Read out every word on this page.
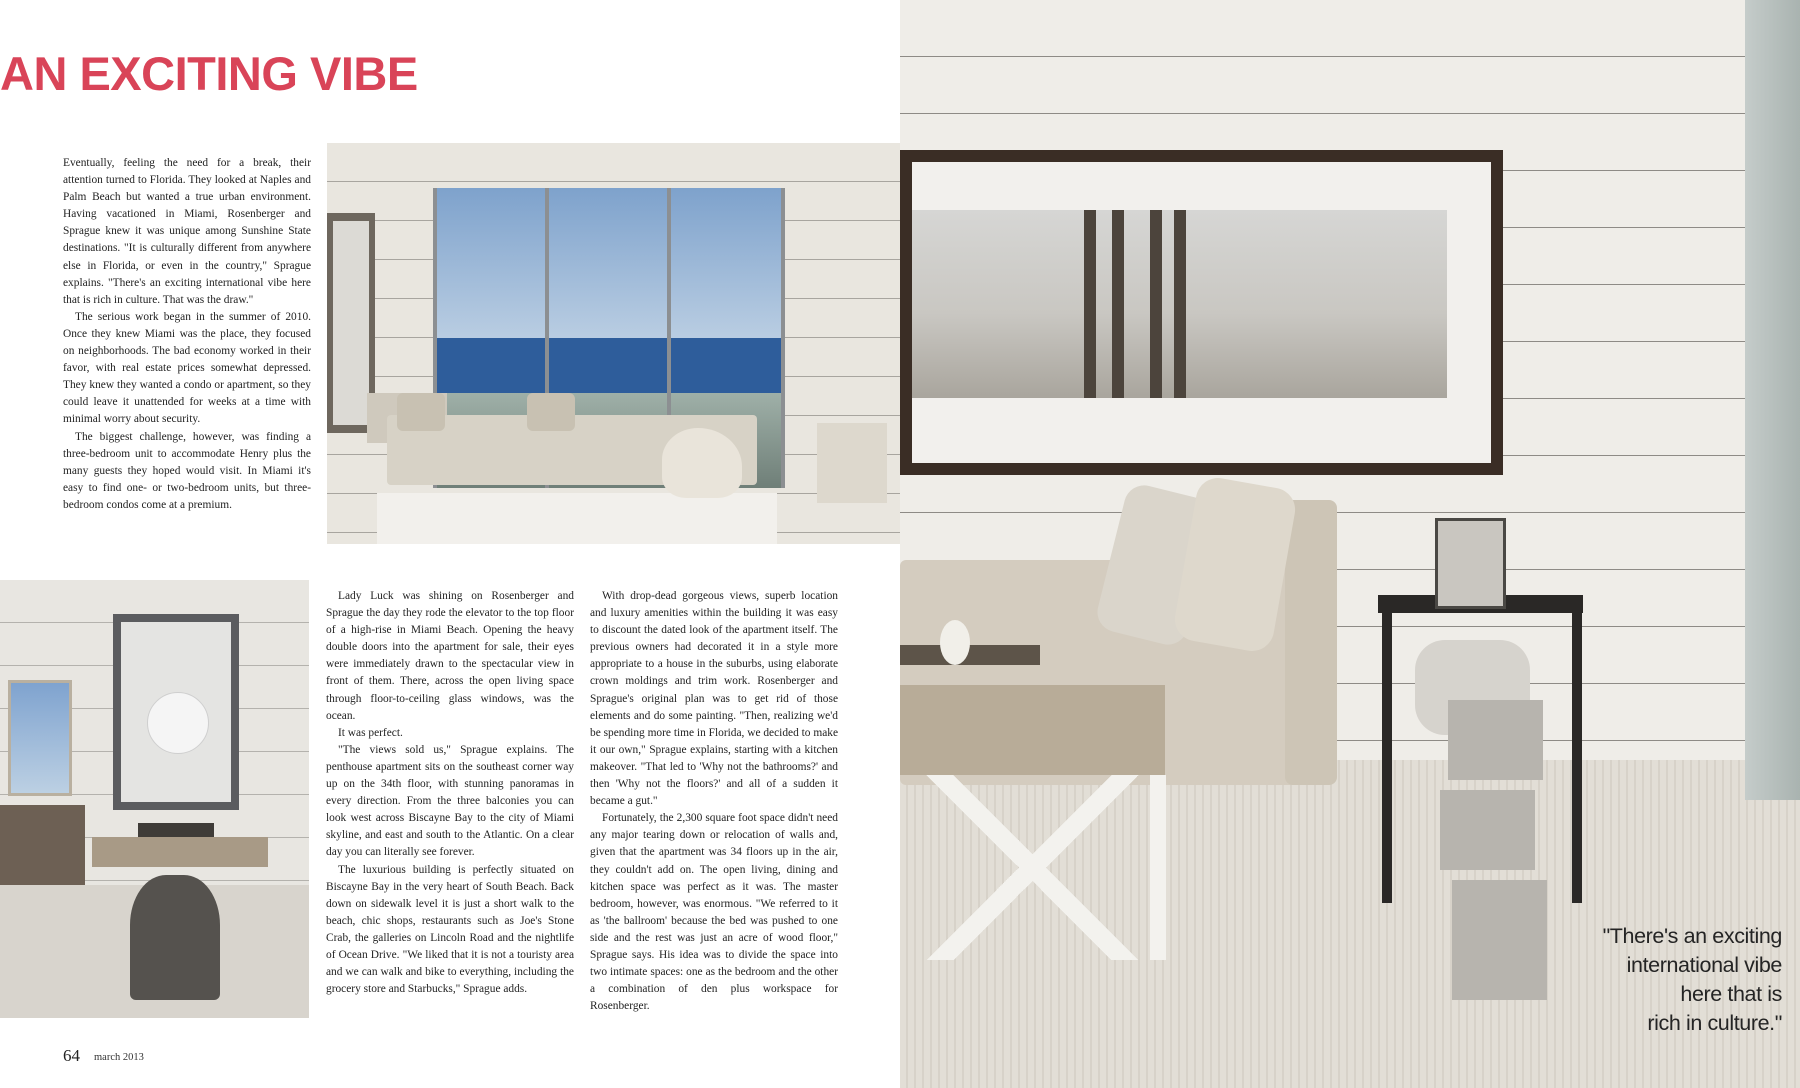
AN EXCITING VIBE

Eventually, feeling the need for a break, their attention turned to Florida. They looked at Naples and Palm Beach but wanted a true urban environment. Having vacationed in Miami, Rosenberger and Sprague knew it was unique among Sunshine State destinations. "It is culturally different from anywhere else in Florida, or even in the country," Sprague explains. "There's an exciting international vibe here that is rich in culture. That was the draw."

The serious work began in the summer of 2010. Once they knew Miami was the place, they focused on neighborhoods. The bad economy worked in their favor, with real estate prices somewhat depressed. They knew they wanted a condo or apartment, so they could leave it unattended for weeks at a time with minimal worry about security.

The biggest challenge, however, was finding a three-bedroom unit to accommodate Henry plus the many guests they hoped would visit. In Miami it's easy to find one- or two-bedroom units, but three-bedroom condos come at a premium.

Lady Luck was shining on Rosenberger and Sprague the day they rode the elevator to the top floor of a high-rise in Miami Beach. Opening the heavy double doors into the apartment for sale, their eyes were immediately drawn to the spectacular view in front of them. There, across the open living space through floor-to-ceiling glass windows, was the ocean.

It was perfect.

"The views sold us," Sprague explains. The penthouse apartment sits on the southeast corner way up on the 34th floor, with stunning panoramas in every direction. From the three balconies you can look west across Biscayne Bay to the city of Miami skyline, and east and south to the Atlantic. On a clear day you can literally see forever.

The luxurious building is perfectly situated on Biscayne Bay in the very heart of South Beach. Back down on sidewalk level it is just a short walk to the beach, chic shops, restaurants such as Joe's Stone Crab, the galleries on Lincoln Road and the nightlife of Ocean Drive. "We liked that it is not a touristy area and we can walk and bike to everything, including the grocery store and Starbucks," Sprague adds.

With drop-dead gorgeous views, superb location and luxury amenities within the building it was easy to discount the dated look of the apartment itself. The previous owners had decorated it in a style more appropriate to a house in the suburbs, using elaborate crown moldings and trim work. Rosenberger and Sprague's original plan was to get rid of those elements and do some painting. "Then, realizing we'd be spending more time in Florida, we decided to make it our own," Sprague explains, starting with a kitchen makeover. "That led to 'Why not the bathrooms?' and then 'Why not the floors?' and all of a sudden it became a gut."

Fortunately, the 2,300 square foot space didn't need any major tearing down or relocation of walls and, given that the apartment was 34 floors up in the air, they couldn't add on. The open living, dining and kitchen space was perfect as it was. The master bedroom, however, was enormous. "We referred to it as 'the ballroom' because the bed was pushed to one side and the rest was just an acre of wood floor," Sprague says. His idea was to divide the space into two intimate spaces: one as the bedroom and the other a combination of den plus workspace for Rosenberger.

64 march 2013

"There's an exciting
international vibe
here that is
rich in culture."
